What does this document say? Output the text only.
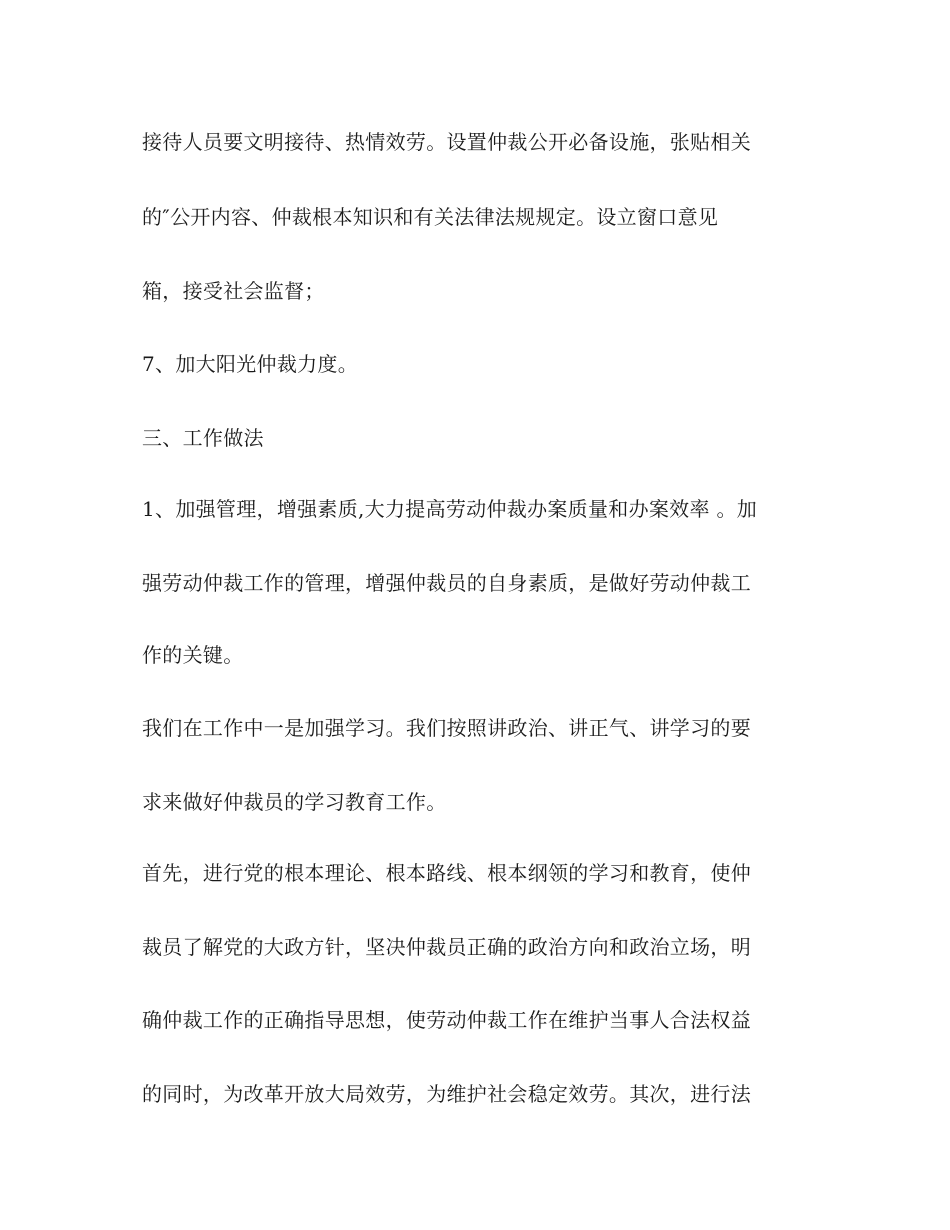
接待人员要文明接待、热情效劳。设置仲裁公开必备设施，张贴相关
的″公开内容、仲裁根本知识和有关法律法规规定。设立窗口意见
箱，接受社会监督；
7、加大阳光仲裁力度。
三、工作做法
1、加强管理，增强素质,大力提高劳动仲裁办案质量和办案效率 。加
强劳动仲裁工作的管理，增强仲裁员的自身素质，是做好劳动仲裁工
作的关键。
我们在工作中一是加强学习。我们按照讲政治、讲正气、讲学习的要
求来做好仲裁员的学习教育工作。
首先，进行党的根本理论、根本路线、根本纲领的学习和教育，使仲
裁员了解党的大政方针，坚决仲裁员正确的政治方向和政治立场，明
确仲裁工作的正确指导思想，使劳动仲裁工作在维护当事人合法权益
的同时，为改革开放大局效劳，为维护社会稳定效劳。其次，进行法
